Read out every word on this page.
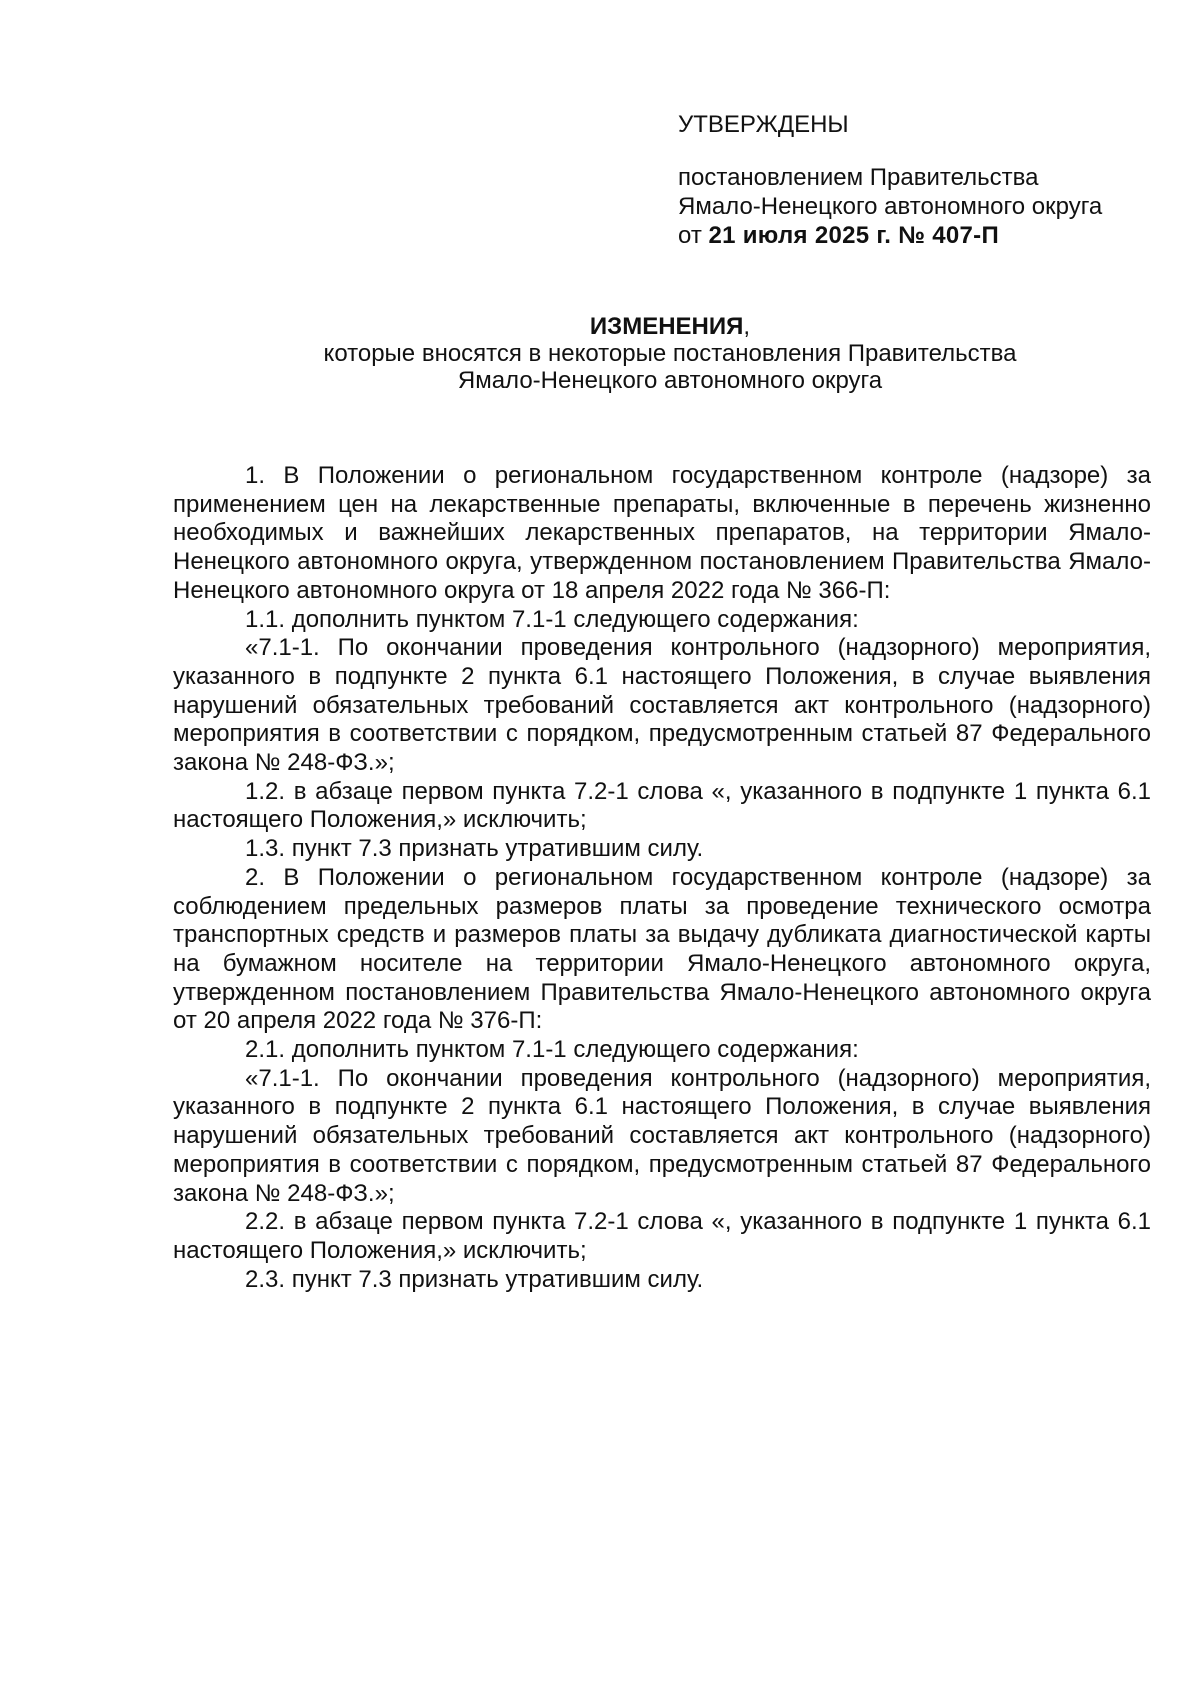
УТВЕРЖДЕНЫ
постановлением Правительства
Ямало-Ненецкого автономного округа
от 21 июля 2025 г. № 407-П
ИЗМЕНЕНИЯ,
которые вносятся в некоторые постановления Правительства
Ямало-Ненецкого автономного округа

1. В Положении о региональном государственном контроле (надзоре) за применением цен на лекарственные препараты, включенные в перечень жизненно необходимых и важнейших лекарственных препаратов, на территории Ямало-Ненецкого автономного округа, утвержденном постановлением Правительства Ямало-Ненецкого автономного округа от 18 апреля 2022 года № 366-П:

1.1. дополнить пунктом 7.1-1 следующего содержания:

«7.1-1. По окончании проведения контрольного (надзорного) мероприятия, указанного в подпункте 2 пункта 6.1 настоящего Положения, в случае выявления нарушений обязательных требований составляется акт контрольного (надзорного) мероприятия в соответствии с порядком, предусмотренным статьей 87 Федерального закона № 248-ФЗ.»;

1.2. в абзаце первом пункта 7.2-1 слова «, указанного в подпункте 1 пункта 6.1 настоящего Положения,» исключить;

1.3. пункт 7.3 признать утратившим силу.

2. В Положении о региональном государственном контроле (надзоре) за соблюдением предельных размеров платы за проведение технического осмотра транспортных средств и размеров платы за выдачу дубликата диагностической карты на бумажном носителе на территории Ямало-Ненецкого автономного округа, утвержденном постановлением Правительства Ямало-Ненецкого автономного округа от 20 апреля 2022 года № 376-П:

2.1. дополнить пунктом 7.1-1 следующего содержания:

«7.1-1. По окончании проведения контрольного (надзорного) мероприятия, указанного в подпункте 2 пункта 6.1 настоящего Положения, в случае выявления нарушений обязательных требований составляется акт контрольного (надзорного) мероприятия в соответствии с порядком, предусмотренным статьей 87 Федерального закона № 248-ФЗ.»;

2.2. в абзаце первом пункта 7.2-1 слова «, указанного в подпункте 1 пункта 6.1 настоящего Положения,» исключить;

2.3. пункт 7.3 признать утратившим силу.
